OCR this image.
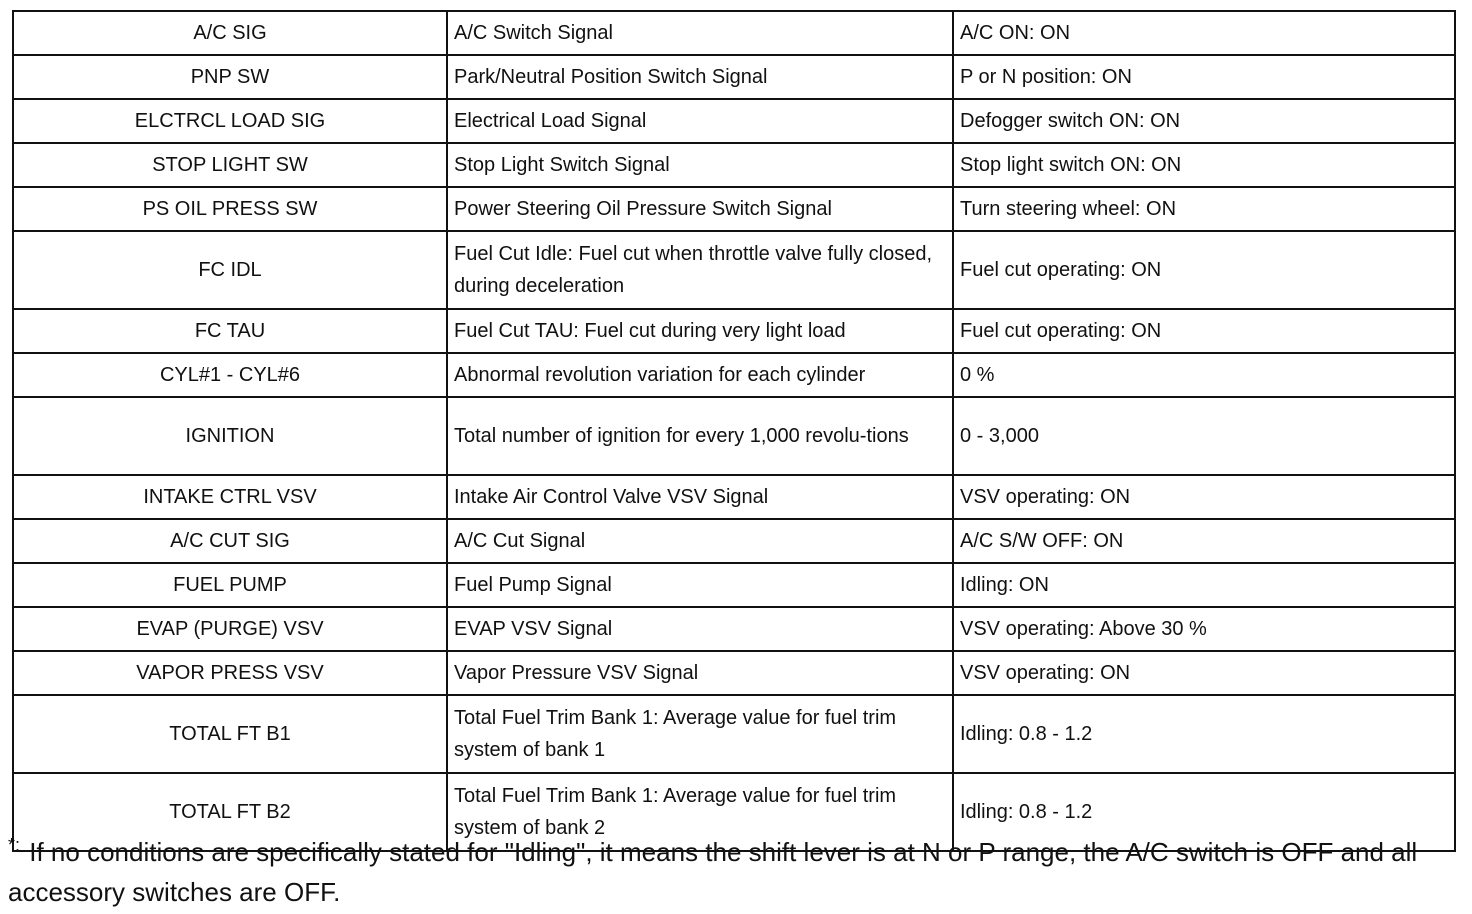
A/C SIG	A/C Switch Signal	A/C ON: ON
PNP SW	Park/Neutral Position Switch Signal	P or N position: ON
ELCTRCL LOAD SIG	Electrical Load Signal	Defogger switch ON: ON
STOP LIGHT SW	Stop Light Switch Signal	Stop light switch ON: ON
PS OIL PRESS SW	Power Steering Oil Pressure Switch Signal	Turn steering wheel: ON
FC IDL	Fuel Cut Idle: Fuel cut when throttle valve fully closed, during deceleration	Fuel cut operating: ON
FC TAU	Fuel Cut TAU: Fuel cut during very light load	Fuel cut operating: ON
CYL#1 - CYL#6	Abnormal revolution variation for each cylinder	0 %
IGNITION	Total number of ignition for every 1,000 revolu-tions	0 - 3,000
INTAKE CTRL VSV	Intake Air Control Valve VSV Signal	VSV operating: ON
A/C CUT SIG	A/C Cut Signal	A/C S/W OFF: ON
FUEL PUMP	Fuel Pump Signal	Idling: ON
EVAP (PURGE) VSV	EVAP VSV Signal	VSV operating: Above 30 %
VAPOR PRESS VSV	Vapor Pressure VSV Signal	VSV operating: ON
TOTAL FT B1	Total Fuel Trim Bank 1: Average value for fuel trim system of bank 1	Idling: 0.8 - 1.2
TOTAL FT B2	Total Fuel Trim Bank 1: Average value for fuel trim system of bank 2	Idling: 0.8 - 1.2
*: If no conditions are specifically stated for "Idling", it means the shift lever is at N or P range, the A/C switch is OFF and all accessory switches are OFF.
